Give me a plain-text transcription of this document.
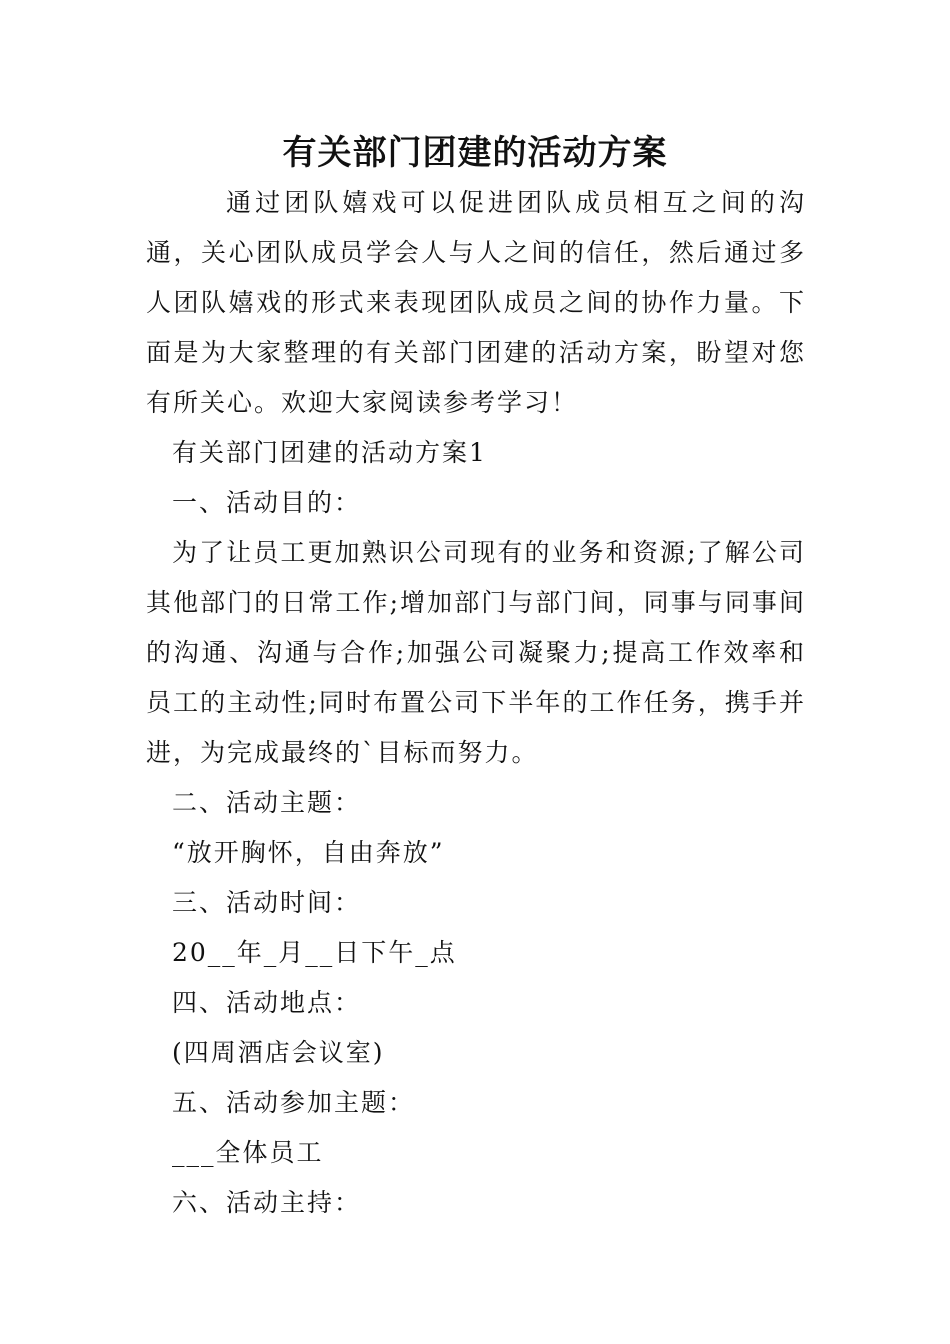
有关部门团建的活动方案

通过团队嬉戏可以促进团队成员相互之间的沟通，关心团队成员学会人与人之间的信任，然后通过多人团队嬉戏的形式来表现团队成员之间的协作力量。下面是为大家整理的有关部门团建的活动方案，盼望对您有所关心。欢迎大家阅读参考学习！

有关部门团建的活动方案1

一、活动目的：

为了让员工更加熟识公司现有的业务和资源;了解公司其他部门的日常工作;增加部门与部门间，同事与同事间的沟通、沟通与合作;加强公司凝聚力;提高工作效率和员工的主动性;同时布置公司下半年的工作任务，携手并进，为完成最终的`目标而努力。

二、活动主题：

“放开胸怀，自由奔放”

三、活动时间：

20__年_月__日下午_点

四、活动地点：

(四周酒店会议室)

五、活动参加主题：

___全体员工

六、活动主持：
